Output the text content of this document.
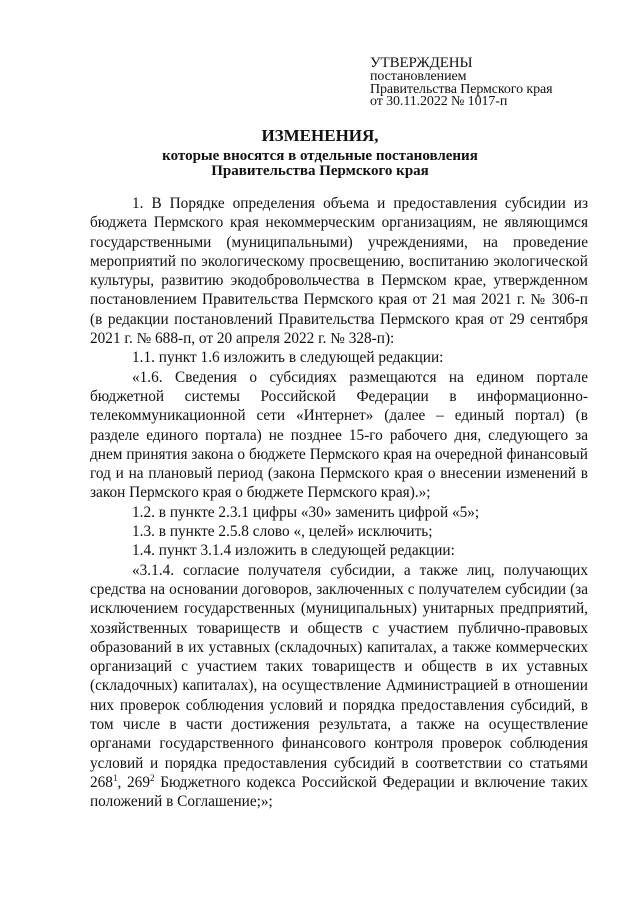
УТВЕРЖДЕНЫ
постановлением
Правительства Пермского края
от 30.11.2022 № 1017-п
ИЗМЕНЕНИЯ,
которые вносятся в отдельные постановления
Правительства Пермского края

1. В Порядке определения объема и предоставления субсидии из бюджета Пермского края некоммерческим организациям, не являющимся государственными (муниципальными) учреждениями, на проведение мероприятий по экологическому просвещению, воспитанию экологической культуры, развитию экодобровольчества в Пермском крае, утвержденном постановлением Правительства Пермского края от 21 мая 2021 г. № 306-п (в редакции постановлений Правительства Пермского края от 29 сентября 2021 г. № 688-п, от 20 апреля 2022 г. № 328-п):

1.1. пункт 1.6 изложить в следующей редакции:

«1.6. Сведения о субсидиях размещаются на едином портале бюджетной системы Российской Федерации в информационно-телекоммуникационной сети «Интернет» (далее – единый портал) (в разделе единого портала) не позднее 15-го рабочего дня, следующего за днем принятия закона о бюджете Пермского края на очередной финансовый год и на плановый период (закона Пермского края о внесении изменений в закон Пермского края о бюджете Пермского края).»;

1.2. в пункте 2.3.1 цифры «30» заменить цифрой «5»;

1.3. в пункте 2.5.8 слово «, целей» исключить;

1.4. пункт 3.1.4 изложить в следующей редакции:

«3.1.4. согласие получателя субсидии, а также лиц, получающих средства на основании договоров, заключенных с получателем субсидии (за исключением государственных (муниципальных) унитарных предприятий, хозяйственных товариществ и обществ с участием публично-правовых образований в их уставных (складочных) капиталах, а также коммерческих организаций с участием таких товариществ и обществ в их уставных (складочных) капиталах), на осуществление Администрацией в отношении них проверок соблюдения условий и порядка предоставления субсидий, в том числе в части достижения результата, а также на осуществление органами государственного финансового контроля проверок соблюдения условий и порядка предоставления субсидий в соответствии со статьями $268^1$, $269^2$ Бюджетного кодекса Российской Федерации и включение таких положений в Соглашение;»;
